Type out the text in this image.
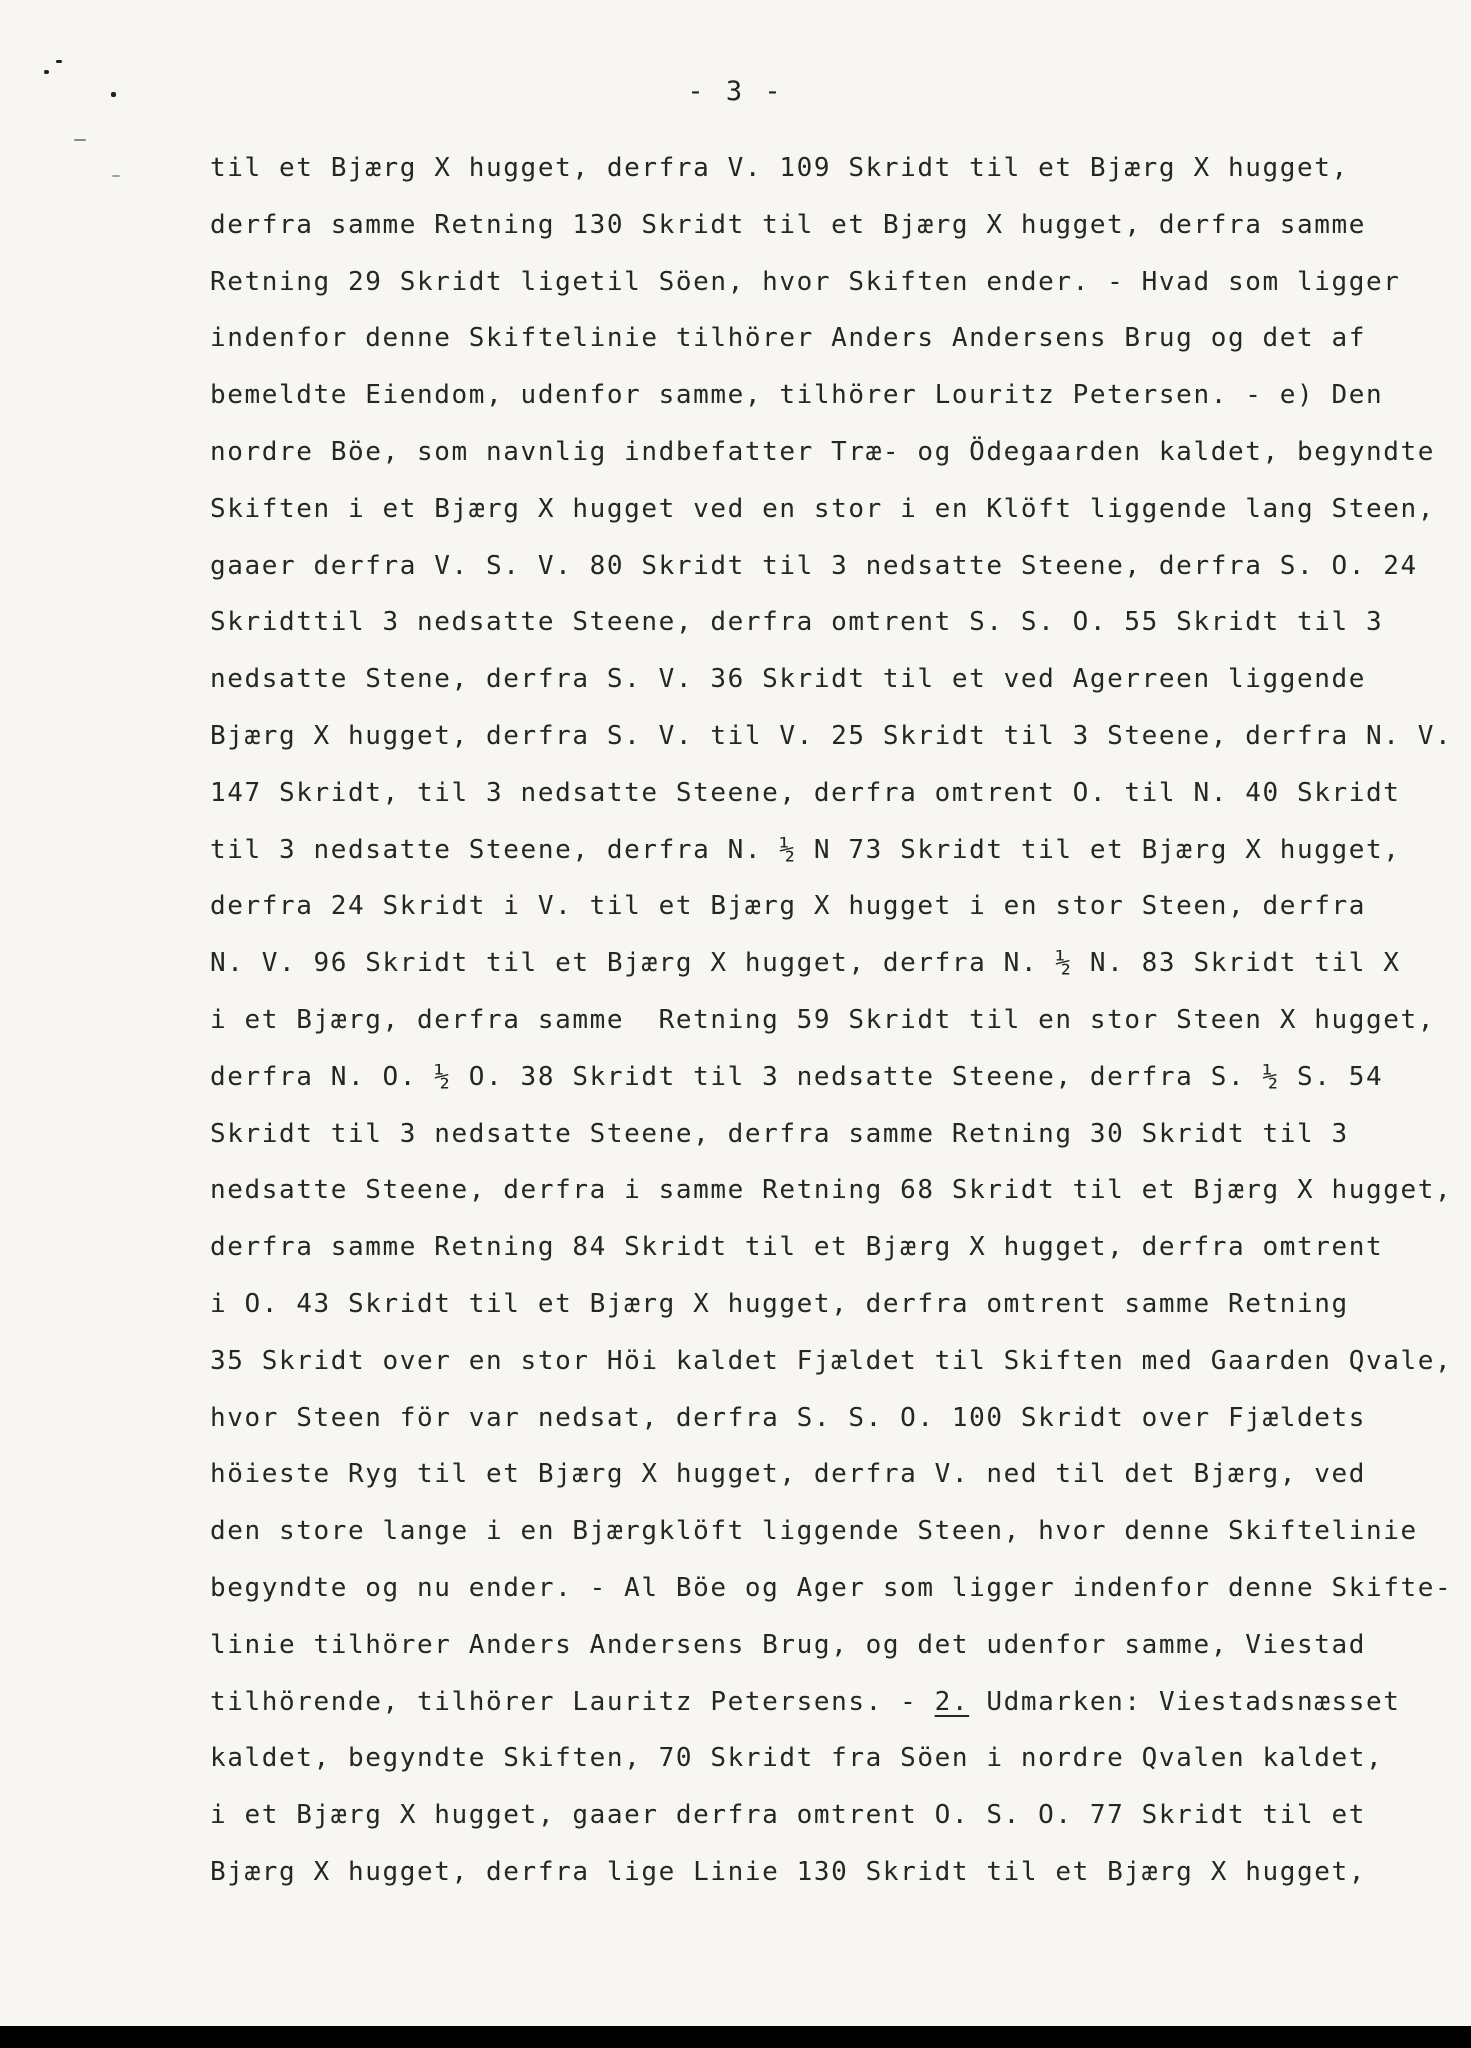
- 3 -
til et Bjærg X hugget, derfra V. 109 Skridt til et Bjærg X hugget,
derfra samme Retning 130 Skridt til et Bjærg X hugget, derfra samme
Retning 29 Skridt ligetil Söen, hvor Skiften ender. - Hvad som ligger
indenfor denne Skiftelinie tilhörer Anders Andersens Brug og det af
bemeldte Eiendom, udenfor samme, tilhörer Louritz Petersen. - e) Den
nordre Böe, som navnlig indbefatter Træ- og Ödegaarden kaldet, begyndte
Skiften i et Bjærg X hugget ved en stor i en Klöft liggende lang Steen,
gaaer derfra V. S. V. 80 Skridt til 3 nedsatte Steene, derfra S. O. 24
Skridttil 3 nedsatte Steene, derfra omtrent S. S. O. 55 Skridt til 3
nedsatte Stene, derfra S. V. 36 Skridt til et ved Agerreen liggende
Bjærg X hugget, derfra S. V. til V. 25 Skridt til 3 Steene, derfra N. V.
147 Skridt, til 3 nedsatte Steene, derfra omtrent O. til N. 40 Skridt
til 3 nedsatte Steene, derfra N. ½ N 73 Skridt til et Bjærg X hugget,
derfra 24 Skridt i V. til et Bjærg X hugget i en stor Steen, derfra
N. V. 96 Skridt til et Bjærg X hugget, derfra N. ½ N. 83 Skridt til X
i et Bjærg, derfra samme  Retning 59 Skridt til en stor Steen X hugget,
derfra N. O. ½ O. 38 Skridt til 3 nedsatte Steene, derfra S. ½ S. 54
Skridt til 3 nedsatte Steene, derfra samme Retning 30 Skridt til 3
nedsatte Steene, derfra i samme Retning 68 Skridt til et Bjærg X hugget,
derfra samme Retning 84 Skridt til et Bjærg X hugget, derfra omtrent
i O. 43 Skridt til et Bjærg X hugget, derfra omtrent samme Retning
35 Skridt over en stor Höi kaldet Fjældet til Skiften med Gaarden Qvale,
hvor Steen för var nedsat, derfra S. S. O. 100 Skridt over Fjældets
höieste Ryg til et Bjærg X hugget, derfra V. ned til det Bjærg, ved
den store lange i en Bjærgklöft liggende Steen, hvor denne Skiftelinie
begyndte og nu ender. - Al Böe og Ager som ligger indenfor denne Skifte-
linie tilhörer Anders Andersens Brug, og det udenfor samme, Viestad
tilhörende, tilhörer Lauritz Petersens. - 2. Udmarken: Viestadsnæsset
kaldet, begyndte Skiften, 70 Skridt fra Söen i nordre Qvalen kaldet,
i et Bjærg X hugget, gaaer derfra omtrent O. S. O. 77 Skridt til et
Bjærg X hugget, derfra lige Linie 130 Skridt til et Bjærg X hugget,
